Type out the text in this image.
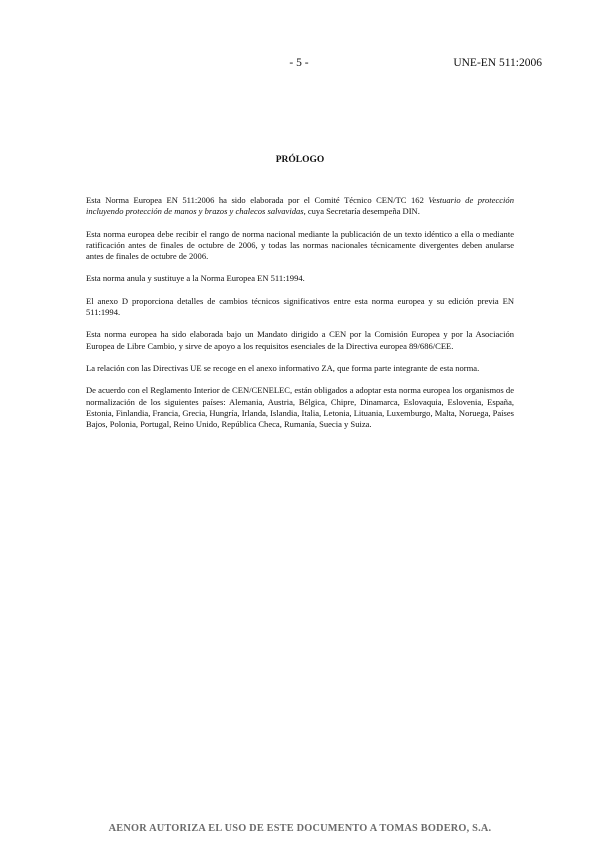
- 5 -	UNE-EN 511:2006

PRÓLOGO

Esta Norma Europea EN 511:2006 ha sido elaborada por el Comité Técnico CEN/TC 162 Vestuario de protección incluyendo protección de manos y brazos y chalecos salvavidas, cuya Secretaría desempeña DIN.

Esta norma europea debe recibir el rango de norma nacional mediante la publicación de un texto idéntico a ella o mediante ratificación antes de finales de octubre de 2006, y todas las normas nacionales técnicamente divergentes deben anularse antes de finales de octubre de 2006.

Esta norma anula y sustituye a la Norma Europea EN 511:1994.

El anexo D proporciona detalles de cambios técnicos significativos entre esta norma europea y su edición previa EN 511:1994.

Esta norma europea ha sido elaborada bajo un Mandato dirigido a CEN por la Comisión Europea y por la Asociación Europea de Libre Cambio, y sirve de apoyo a los requisitos esenciales de la Directiva europea 89/686/CEE.

La relación con las Directivas UE se recoge en el anexo informativo ZA, que forma parte integrante de esta norma.

De acuerdo con el Reglamento Interior de CEN/CENELEC, están obligados a adoptar esta norma europea los organismos de normalización de los siguientes países: Alemania, Austria, Bélgica, Chipre, Dinamarca, Eslovaquia, Eslovenia, España, Estonia, Finlandia, Francia, Grecia, Hungría, Irlanda, Islandia, Italia, Letonia, Lituania, Luxemburgo, Malta, Noruega, Países Bajos, Polonia, Portugal, Reino Unido, República Checa, Rumanía, Suecia y Suiza.

AENOR AUTORIZA EL USO DE ESTE DOCUMENTO A TOMAS BODERO, S.A.
